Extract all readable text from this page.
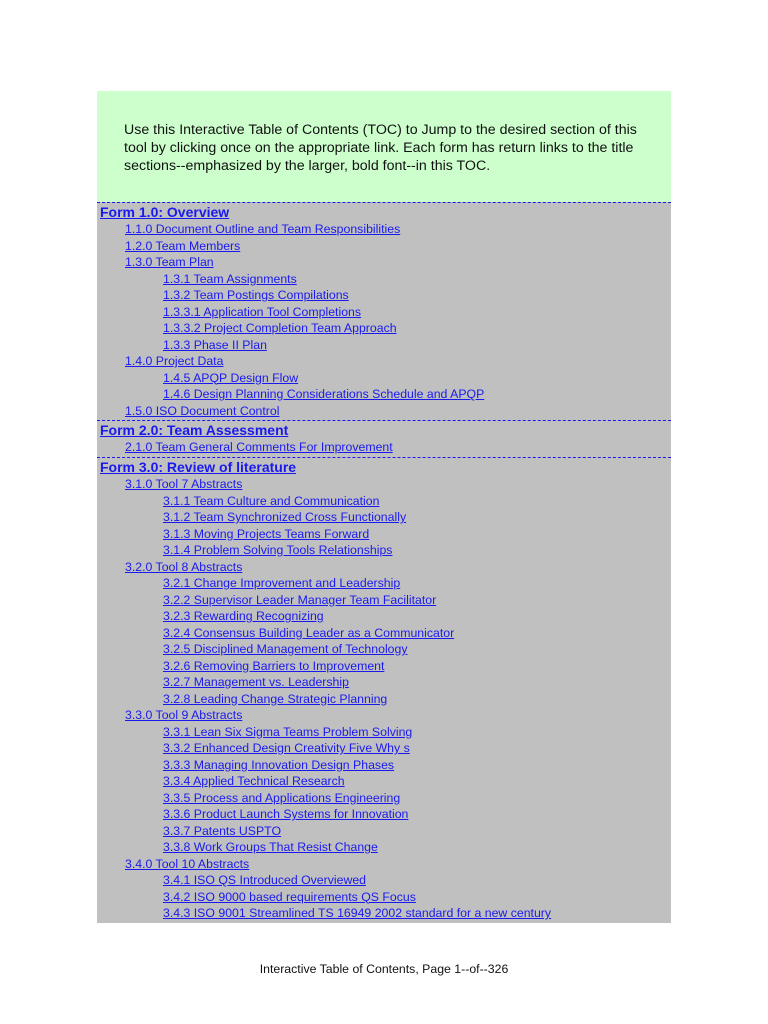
Use this Interactive Table of Contents (TOC) to Jump to the desired section of this tool by clicking once on the appropriate link. Each form has return links to the title sections--emphasized by the larger, bold font--in this TOC.
Form 1.0: Overview
1.1.0 Document Outline and Team Responsibilities
1.2.0 Team Members
1.3.0 Team Plan
1.3.1 Team Assignments
1.3.2 Team Postings Compilations
1.3.3.1 Application Tool Completions
1.3.3.2 Project Completion Team Approach
1.3.3 Phase II Plan
1.4.0 Project Data
1.4.5 APQP Design Flow
1.4.6 Design Planning Considerations Schedule and APQP
1.5.0 ISO Document Control
Form 2.0: Team Assessment
2.1.0 Team General Comments For Improvement
Form 3.0: Review of literature
3.1.0 Tool 7 Abstracts
3.1.1 Team Culture and Communication
3.1.2 Team Synchronized Cross Functionally
3.1.3 Moving Projects Teams Forward
3.1.4 Problem Solving Tools Relationships
3.2.0 Tool 8 Abstracts
3.2.1 Change Improvement and Leadership
3.2.2 Supervisor Leader Manager Team Facilitator
3.2.3 Rewarding Recognizing
3.2.4 Consensus Building Leader as a Communicator
3.2.5 Disciplined Management of Technology
3.2.6 Removing Barriers to Improvement
3.2.7 Management vs. Leadership
3.2.8 Leading Change Strategic Planning
3.3.0 Tool 9 Abstracts
3.3.1 Lean Six Sigma Teams Problem Solving
3.3.2 Enhanced Design Creativity Five Why s
3.3.3 Managing Innovation Design Phases
3.3.4 Applied Technical Research
3.3.5 Process and Applications Engineering
3.3.6 Product Launch Systems for Innovation
3.3.7 Patents USPTO
3.3.8 Work Groups That Resist Change
3.4.0 Tool 10 Abstracts
3.4.1 ISO QS Introduced Overviewed
3.4.2 ISO 9000 based requirements QS Focus
3.4.3 ISO 9001 Streamlined TS 16949 2002 standard for a new century
Interactive Table of Contents, Page 1--of--326
